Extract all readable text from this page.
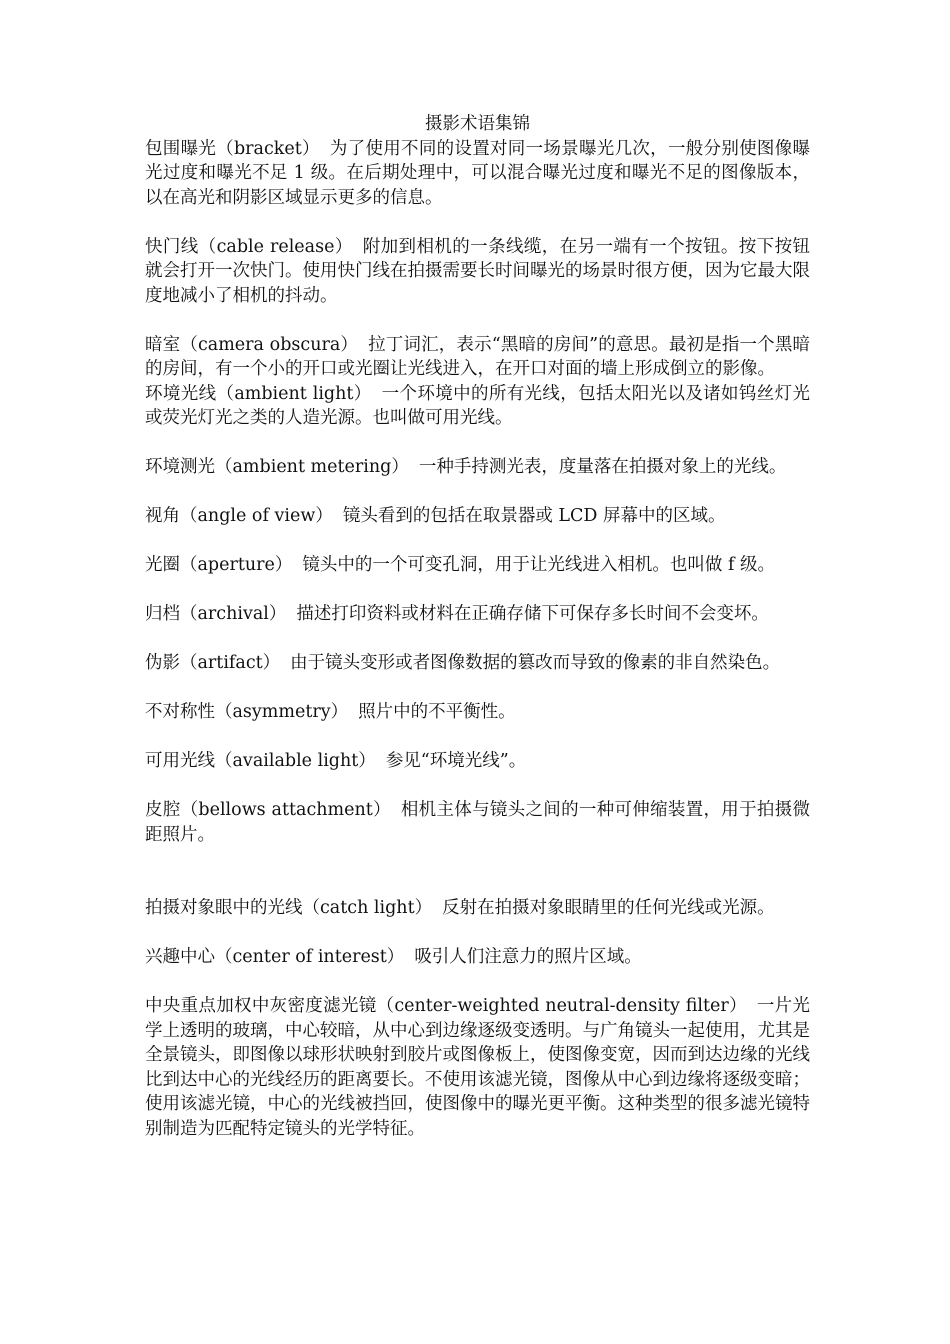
摄影术语集锦

包围曝光（bracket） 为了使用不同的设置对同一场景曝光几次，一般分别使图像曝光过度和曝光不足 1 级。在后期处理中，可以混合曝光过度和曝光不足的图像版本，以在高光和阴影区域显示更多的信息。

快门线（cable release） 附加到相机的一条线缆，在另一端有一个按钮。按下按钮就会打开一次快门。使用快门线在拍摄需要长时间曝光的场景时很方便，因为它最大限度地减小了相机的抖动。

暗室（camera obscura） 拉丁词汇，表示“黑暗的房间”的意思。最初是指一个黑暗的房间，有一个小的开口或光圈让光线进入，在开口对面的墙上形成倒立的影像。

环境光线（ambient light） 一个环境中的所有光线，包括太阳光以及诸如钨丝灯光或荧光灯光之类的人造光源。也叫做可用光线。

环境测光（ambient metering） 一种手持测光表，度量落在拍摄对象上的光线。

视角（angle of view） 镜头看到的包括在取景器或 LCD 屏幕中的区域。

光圈（aperture） 镜头中的一个可变孔洞，用于让光线进入相机。也叫做 f 级。

归档（archival） 描述打印资料或材料在正确存储下可保存多长时间不会变坏。

伪影（artifact） 由于镜头变形或者图像数据的篡改而导致的像素的非自然染色。

不对称性（asymmetry） 照片中的不平衡性。

可用光线（available light） 参见“环境光线”。

皮腔（bellows attachment） 相机主体与镜头之间的一种可伸缩装置，用于拍摄微距照片。

拍摄对象眼中的光线（catch light） 反射在拍摄对象眼睛里的任何光线或光源。

兴趣中心（center of interest） 吸引人们注意力的照片区域。

中央重点加权中灰密度滤光镜（center-weighted neutral-density filter） 一片光学上透明的玻璃，中心较暗，从中心到边缘逐级变透明。与广角镜头一起使用，尤其是全景镜头，即图像以球形状映射到胶片或图像板上，使图像变宽，因而到达边缘的光线比到达中心的光线经历的距离要长。不使用该滤光镜，图像从中心到边缘将逐级变暗；使用该滤光镜，中心的光线被挡回，使图像中的曝光更平衡。这种类型的很多滤光镜特别制造为匹配特定镜头的光学特征。
